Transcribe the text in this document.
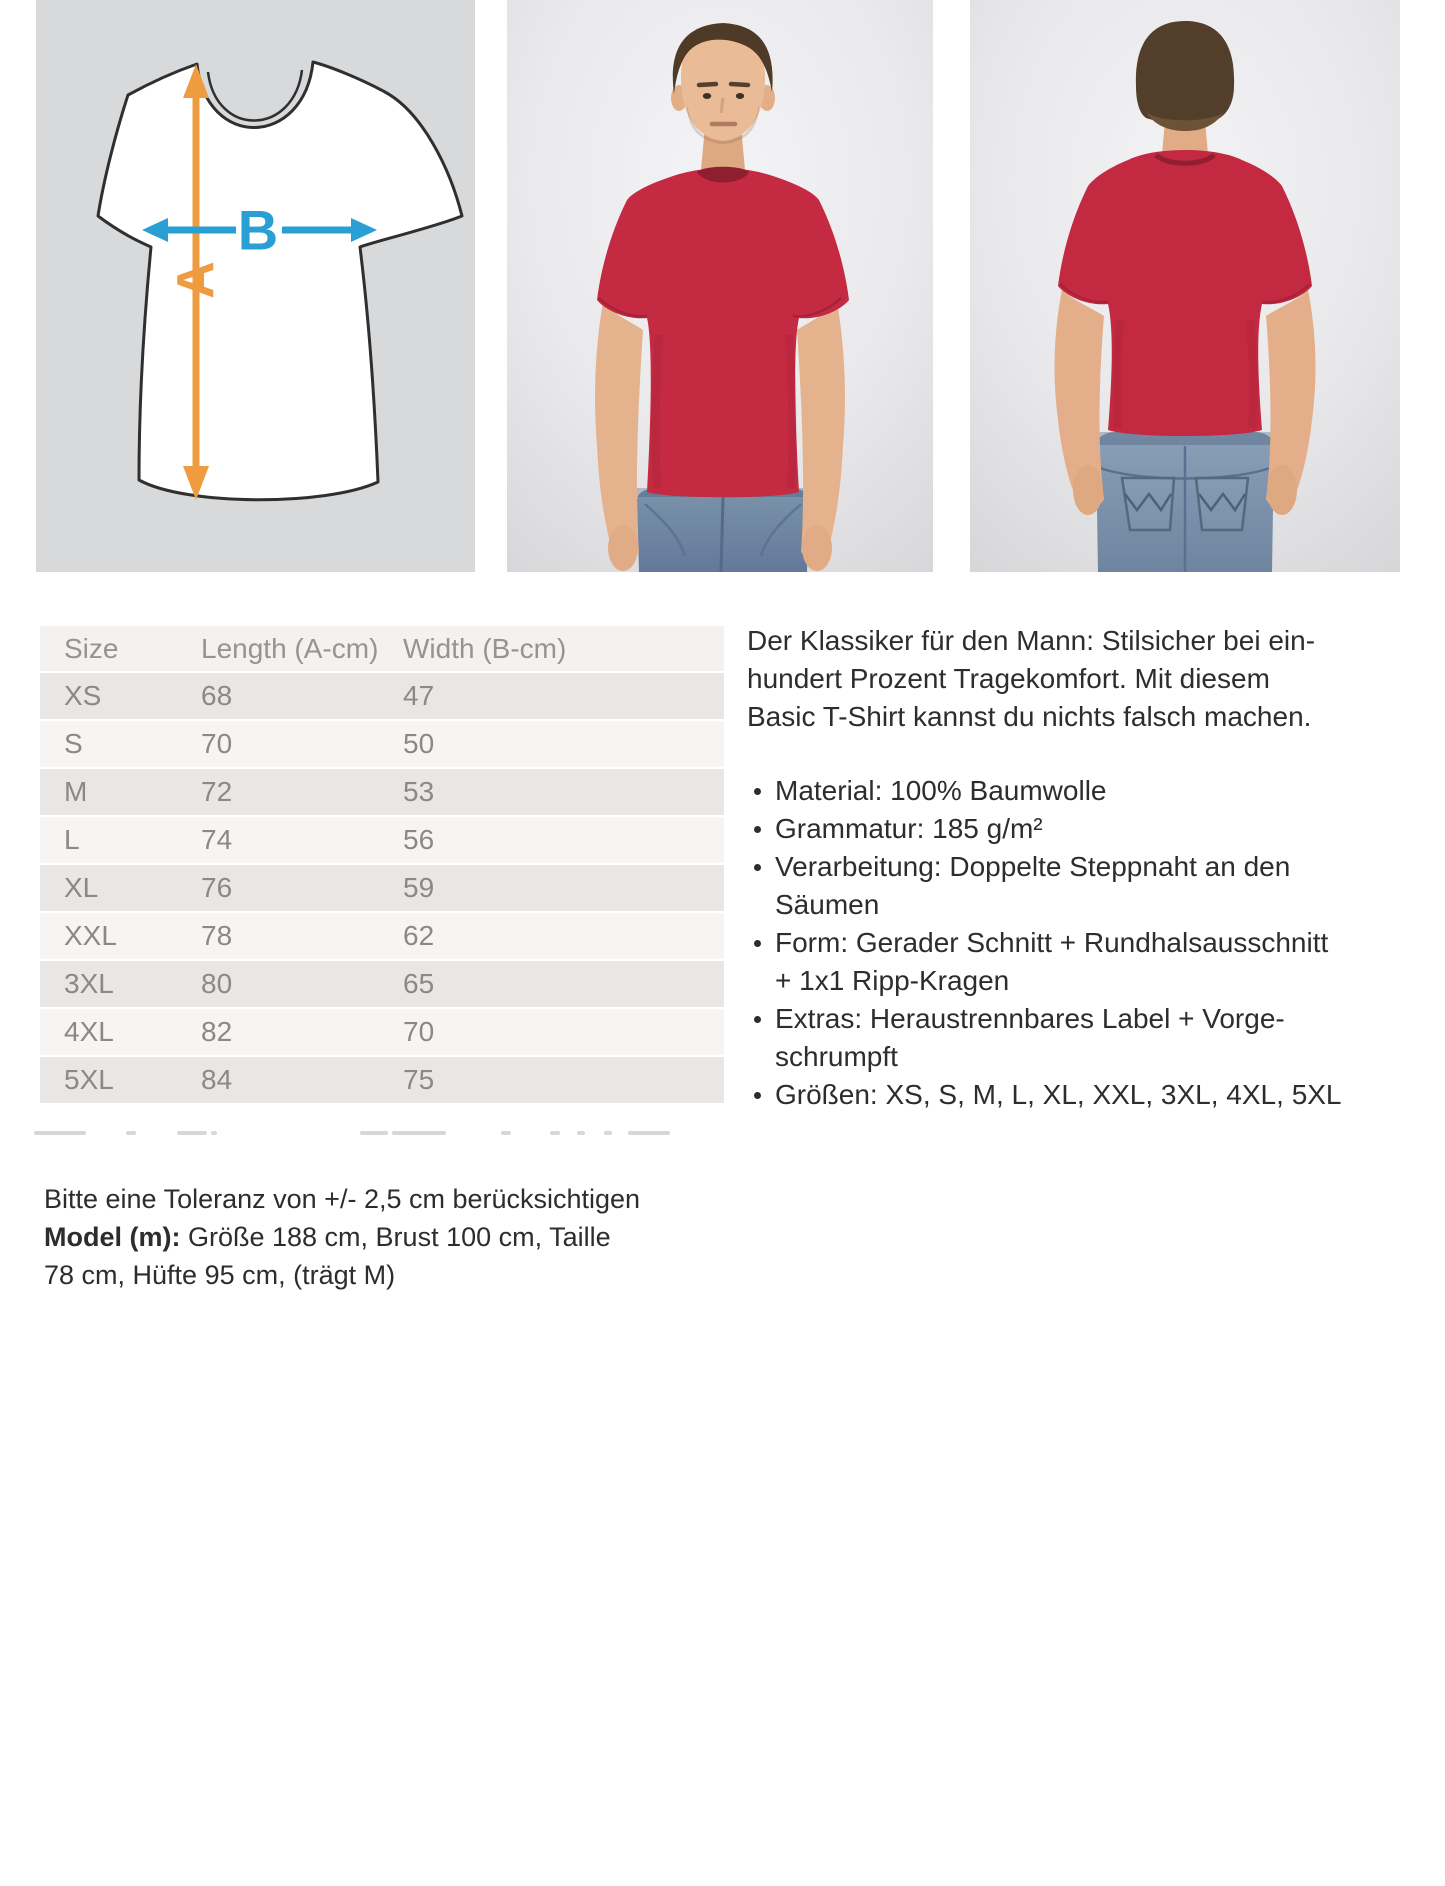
A
B
Size	Length (A-cm) Width (B-cm)
XS	68	47
S	70	50
M	72	53
L	74	56
XL	76	59
XXL	78	62
3XL	80	65
4XL	82	70
5XL	84	75
Der Klassiker für den Mann: Stilsicher bei ein-
hundert Prozent Tragekomfort. Mit diesem
Basic T-Shirt kannst du nichts falsch machen.
Material: 100% Baumwolle
Grammatur: 185 g/m²
Verarbeitung: Doppelte Steppnaht an den
Säumen
Form: Gerader Schnitt + Rundhalsausschnitt
+ 1x1 Ripp-Kragen
Extras: Heraustrennbares Label + Vorge-
schrumpft
Größen: XS, S, M, L, XL, XXL, 3XL, 4XL, 5XL
Bitte eine Toleranz von +/- 2,5 cm berücksichtigen
Model (m): Größe 188 cm, Brust 100 cm, Taille
78 cm, Hüfte 95 cm, (trägt M)
